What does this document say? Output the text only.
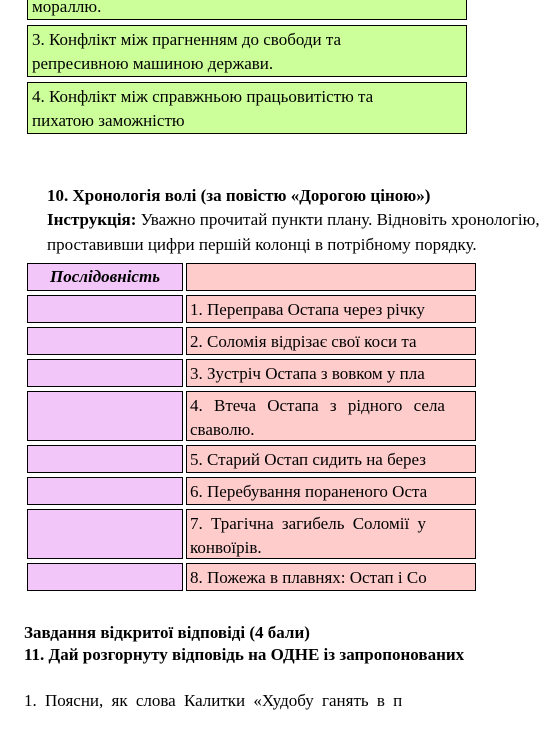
мораллю.
3. Конфлікт між прагненням до свободи та
репресивною машиною держави.
4. Конфлікт між справжньою працьовитістю та
пихатою заможністю
10. Хронологія волі (за повістю «Дорогою ціною»)
Інструкція: Уважно прочитай пункти плану. Відновіть хронологію,
проставивши цифри першій колонці в потрібному порядку.
Послідовність
1. Переправа Остапа через річку
2. Соломія відрізає свої коси та
3. Зустріч Остапа з вовком у пла
4. Втеча Остапа з рідного села
сваволю.
5. Старий Остап сидить на берез
6. Перебування пораненого Оста
7. Трагічна загибель Соломії у
конвоїрів.
8. Пожежа в плавнях: Остап і Со
Завдання відкритої відповіді (4 бали)
11. Дай розгорнуту відповідь на ОДНЕ із запропонованих
1. Поясни, як слова Калитки «Худобу ганять в п
